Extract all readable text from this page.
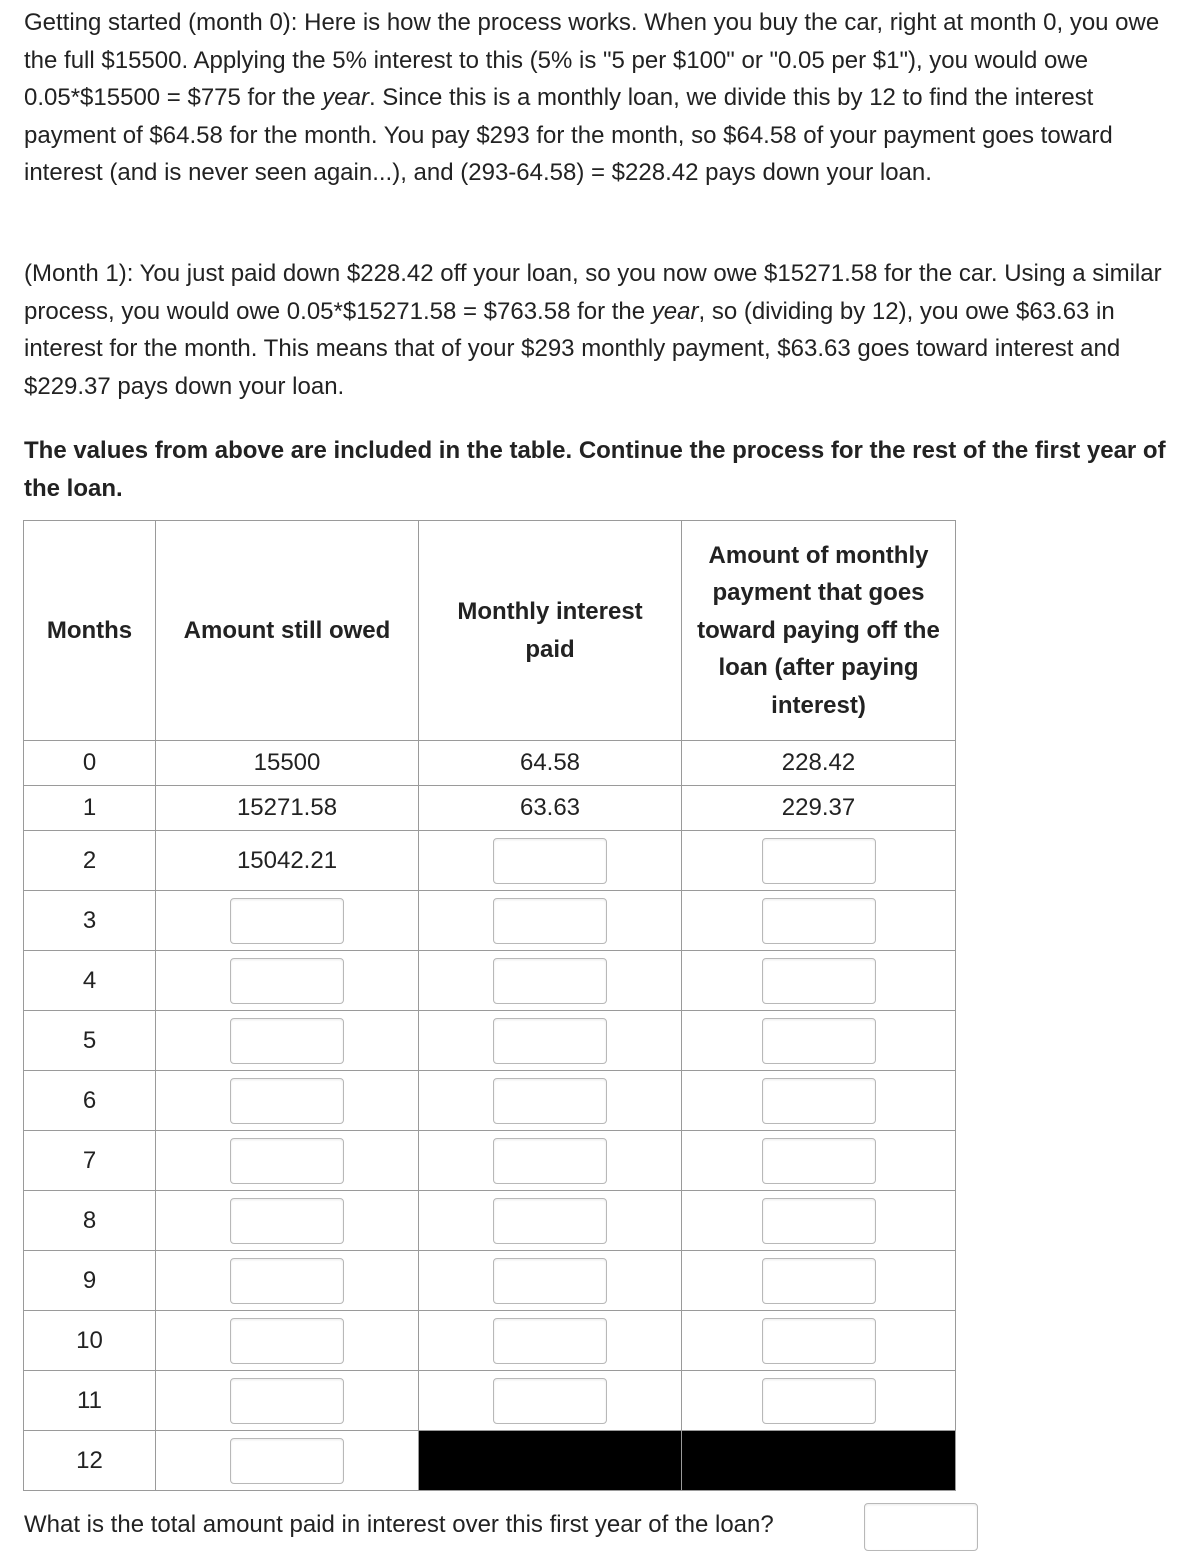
Getting started (month 0): Here is how the process works. When you buy the car, right at month 0, you owe the full $15500. Applying the 5% interest to this (5% is "5 per $100" or "0.05 per $1"), you would owe 0.05*$15500 = $775 for the year. Since this is a monthly loan, we divide this by 12 to find the interest payment of $64.58 for the month. You pay $293 for the month, so $64.58 of your payment goes toward interest (and is never seen again...), and (293-64.58) = $228.42 pays down your loan.

(Month 1): You just paid down $228.42 off your loan, so you now owe $15271.58 for the car. Using a similar process, you would owe 0.05*$15271.58 = $763.58 for the year, so (dividing by 12), you owe $63.63 in interest for the month. This means that of your $293 monthly payment, $63.63 goes toward interest and $229.37 pays down your loan.

The values from above are included in the table. Continue the process for the rest of the first year of the loan.

Months	Amount still owed	Monthly interest paid	Amount of monthly payment that goes toward paying off the loan (after paying interest)
0	15500	64.58	228.42
1	15271.58	63.63	229.37
2	15042.21		
3			
4			
5			
6			
7			
8			
9			
10			
11			
12			
What is the total amount paid in interest over this first year of the loan?
